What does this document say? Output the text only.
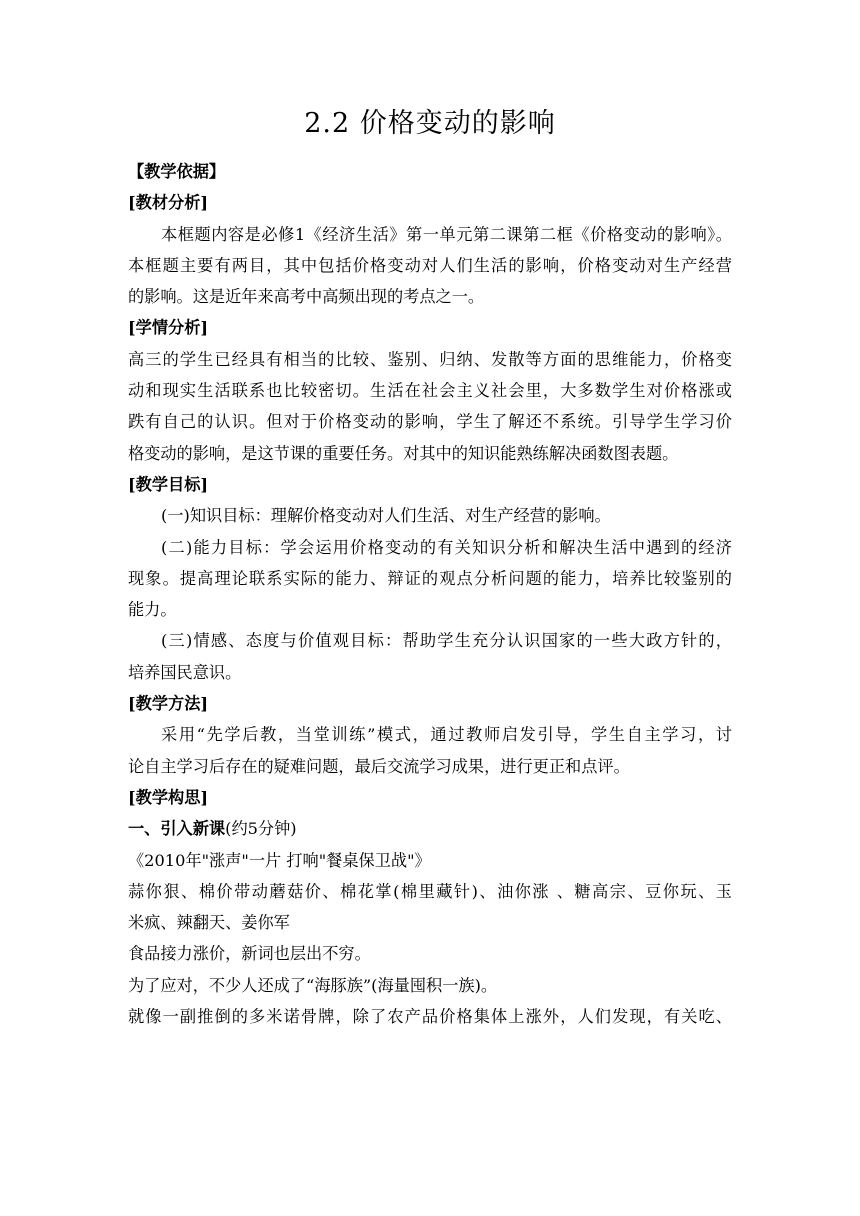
2.2 价格变动的影响
【教学依据】
[教材分析]
本框题内容是必修1《经济生活》第一单元第二课第二框《价格变动的影响》。
本框题主要有两目，其中包括价格变动对人们生活的影响，价格变动对生产经营
的影响。这是近年来高考中高频出现的考点之一。
[学情分析]
高三的学生已经具有相当的比较、鉴别、归纳、发散等方面的思维能力，价格变
动和现实生活联系也比较密切。生活在社会主义社会里，大多数学生对价格涨或
跌有自己的认识。但对于价格变动的影响，学生了解还不系统。引导学生学习价
格变动的影响，是这节课的重要任务。对其中的知识能熟练解决函数图表题。
[教学目标]
(一)知识目标：理解价格变动对人们生活、对生产经营的影响。
(二)能力目标：学会运用价格变动的有关知识分析和解决生活中遇到的经济
现象。提高理论联系实际的能力、辩证的观点分析问题的能力，培养比较鉴别的
能力。
(三)情感、态度与价值观目标：帮助学生充分认识国家的一些大政方针的，
培养国民意识。
[教学方法]
采用“先学后教，当堂训练”模式，通过教师启发引导，学生自主学习，讨
论自主学习后存在的疑难问题，最后交流学习成果，进行更正和点评。
[教学构思]
一、引入新课(约5分钟)
《2010年"涨声"一片 打响"餐桌保卫战"》
蒜你狠、棉价带动蘑菇价、棉花掌(棉里藏针)、油你涨 、糖高宗、豆你玩、玉
米疯、辣翻天、姜你军
食品接力涨价，新词也层出不穷。
为了应对，不少人还成了“海豚族”(海量囤积一族)。
就像一副推倒的多米诺骨牌，除了农产品价格集体上涨外，人们发现，有关吃、
